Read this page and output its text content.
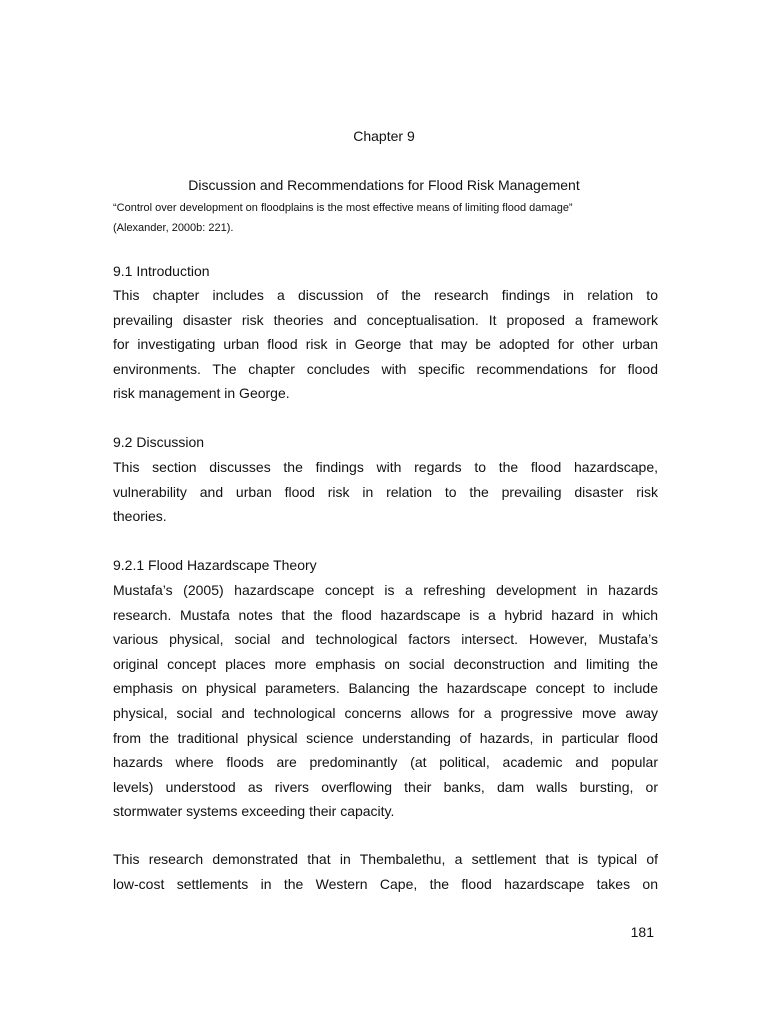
Chapter 9
Discussion and Recommendations for Flood Risk Management
“Control over development on floodplains is the most effective means of limiting flood damage”
(Alexander, 2000b: 221).
9.1 Introduction
This chapter includes a discussion of the research findings in relation to
prevailing disaster risk theories and conceptualisation. It proposed a framework
for investigating urban flood risk in George that may be adopted for other urban
environments. The chapter concludes with specific recommendations for flood
risk management in George.
9.2 Discussion
This section discusses the findings with regards to the flood hazardscape,
vulnerability and urban flood risk in relation to the prevailing disaster risk
theories.
9.2.1 Flood Hazardscape Theory
Mustafa’s (2005) hazardscape concept is a refreshing development in hazards
research. Mustafa notes that the flood hazardscape is a hybrid hazard in which
various physical, social and technological factors intersect. However, Mustafa’s
original concept places more emphasis on social deconstruction and limiting the
emphasis on physical parameters. Balancing the hazardscape concept to include
physical, social and technological concerns allows for a progressive move away
from the traditional physical science understanding of hazards, in particular flood
hazards where floods are predominantly (at political, academic and popular
levels) understood as rivers overflowing their banks, dam walls bursting, or
stormwater systems exceeding their capacity.
This research demonstrated that in Thembalethu, a settlement that is typical of
low-cost settlements in the Western Cape, the flood hazardscape takes on
181
